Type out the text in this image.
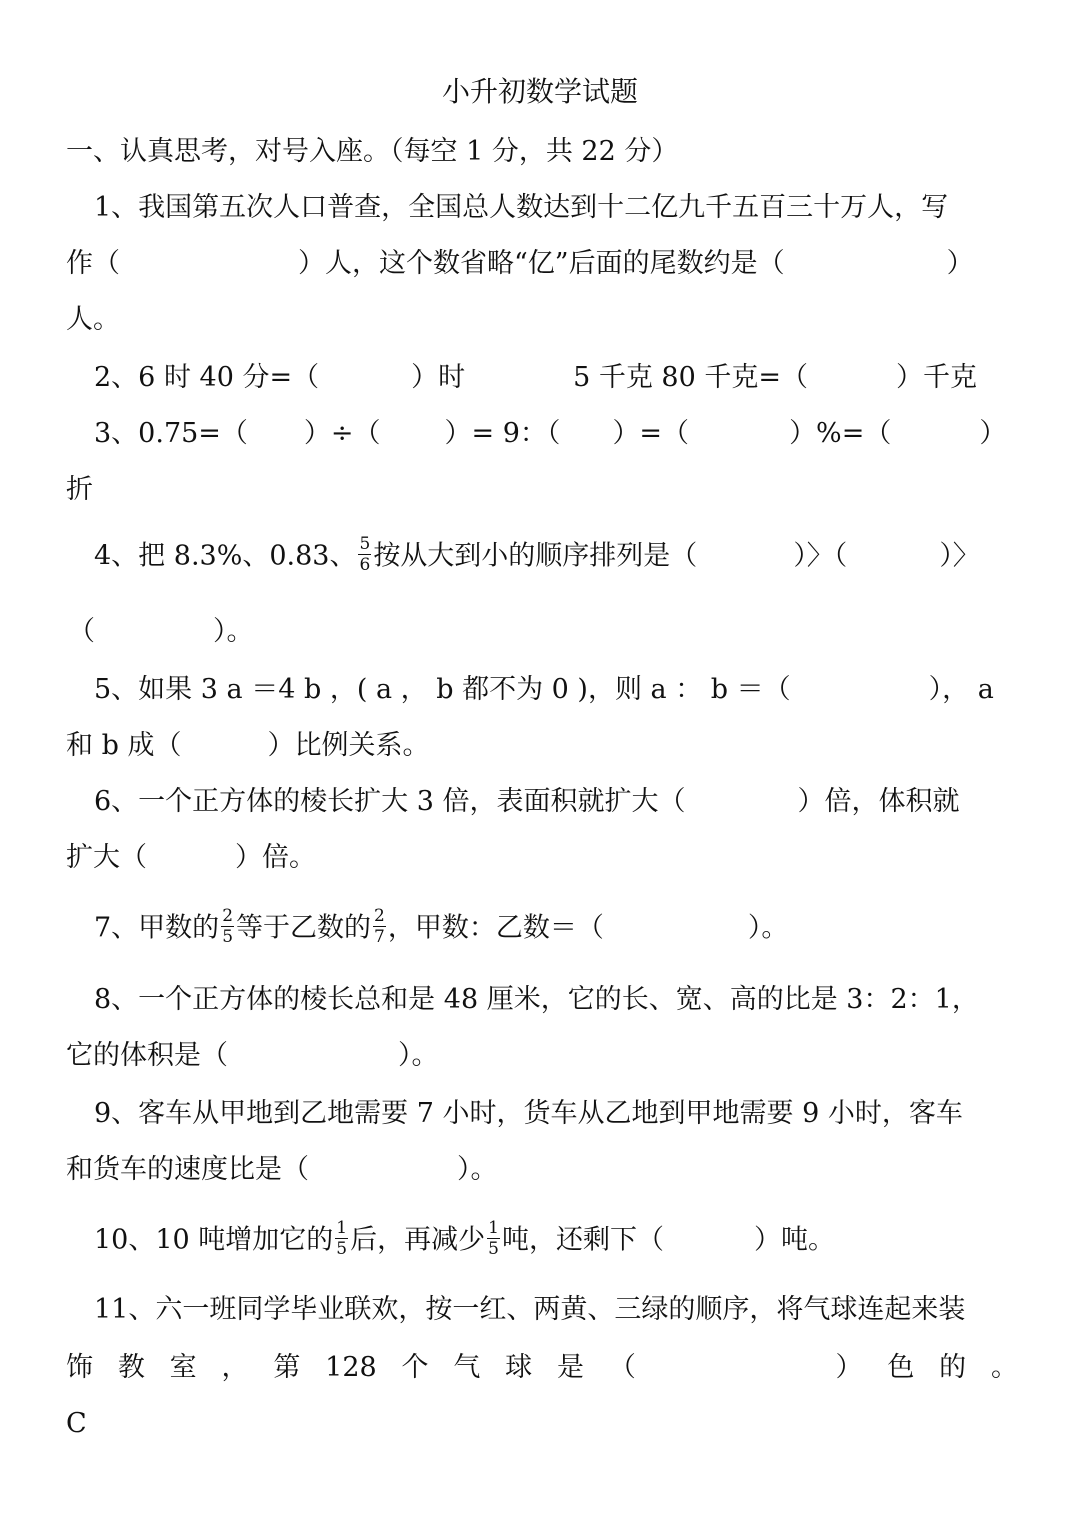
小升初数学试题
一、认真思考，对号入座。（每空 1 分，共 22 分）
1、我国第五次人口普查，全国总人数达到十二亿九千五百三十万人，写
作（	）人，这个数省略“亿”后面的尾数约是（	）
人。
2、6 时 40 分=（	）时	5 千克 80 千克=（	）千克
3、0.75=（ ）÷（ ）= 9：（ ）=（	）%=（	）
折
4、把 8.3%、0.83、 $\frac{5}{6}$ 按从大到小的顺序排列是（	）〉（	）〉
（	）。
5、如果 3 a ＝4 b ，( a ， b 都不为 0 )，则 a ： b ＝（	）， a
和 b 成（	）比例关系。
6、一个正方体的棱长扩大 3 倍，表面积就扩大（	）倍，体积就
扩大（	）倍。
7、甲数的 $\frac{2}{5}$ 等于乙数的 $\frac{2}{7}$ ，甲数：乙数＝（	）。
8、一个正方体的棱长总和是 48 厘米，它的长、宽、高的比是 3：2：1，
它的体积是（	）。
9、客车从甲地到乙地需要 7 小时，货车从乙地到甲地需要 9 小时，客车
和货车的速度比是（	）。
10、10 吨增加它的 $\frac{1}{5}$ 后，再减少 $\frac{1}{5}$ 吨，还剩下（	）吨。
11、六一班同学毕业联欢，按一红、两黄、三绿的顺序，将气球连起来装
饰 教 室 ， 第 128 个 气 球 是 （	） 色 的 。
C
